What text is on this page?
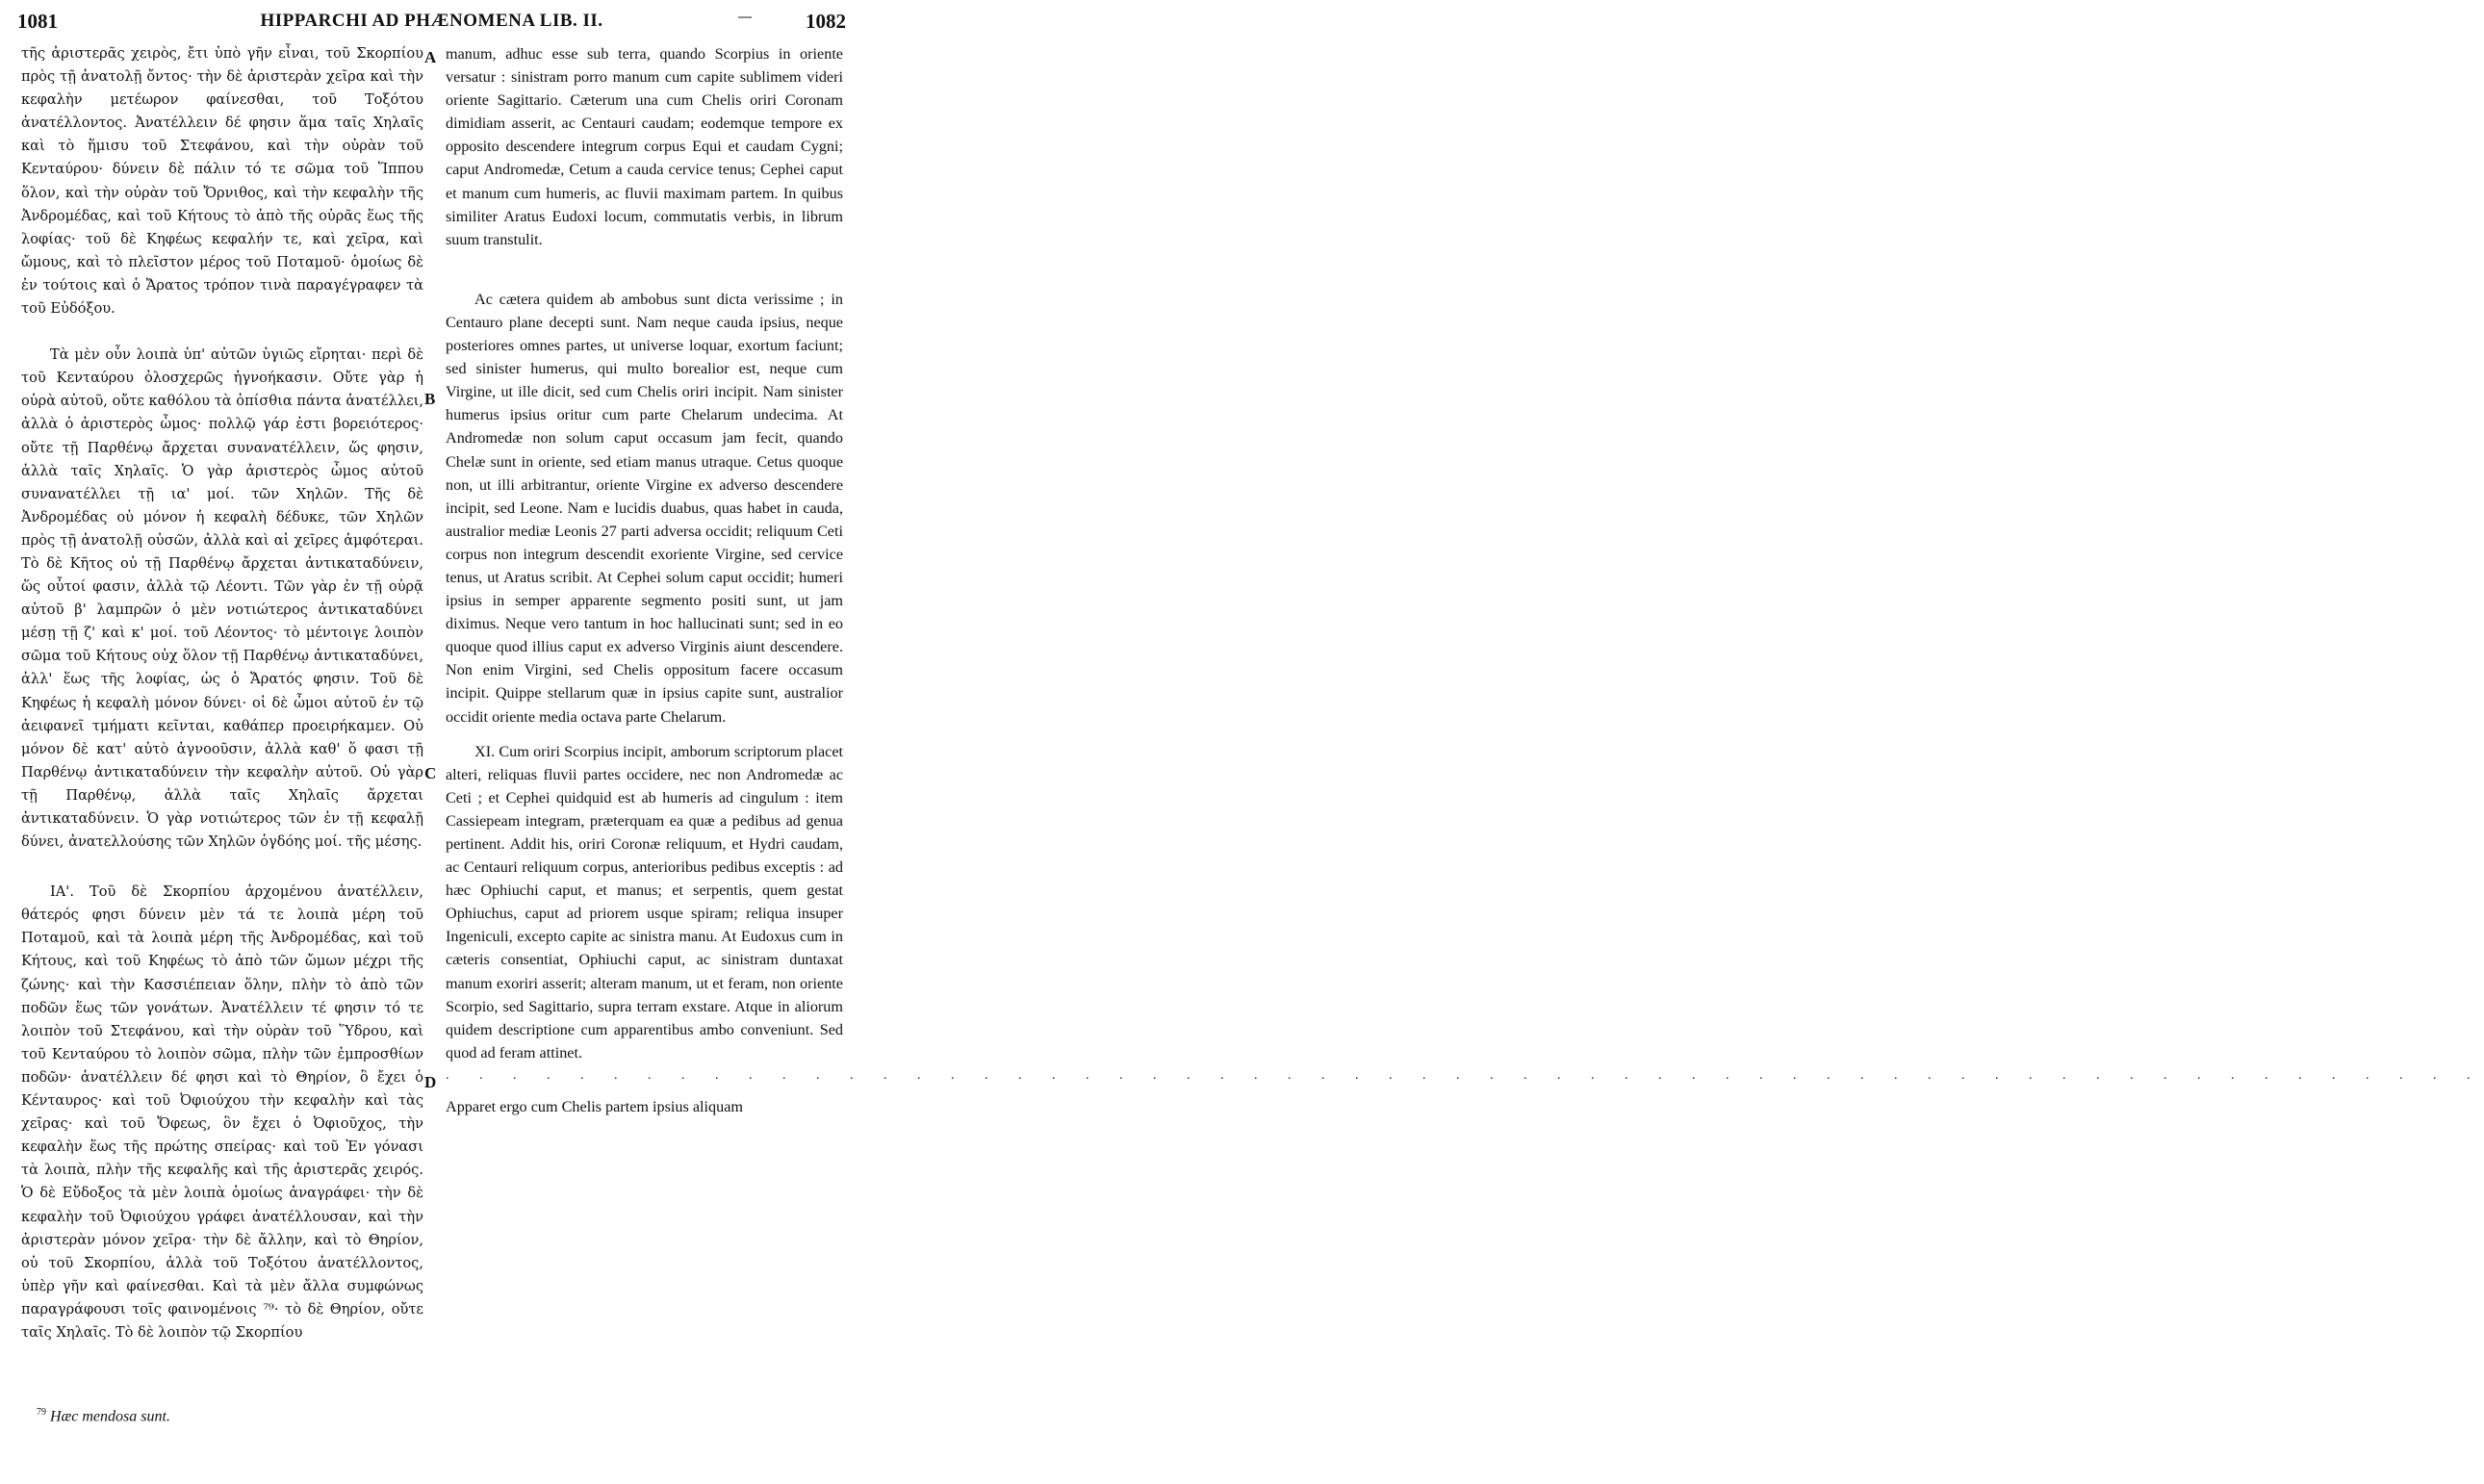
1081	HIPPARCHI AD PHÆNOMENA LIB. II.	—	1082

τῆς ἀριστερᾶς χειρὸς, ἔτι ὑπὸ γῆν εἶναι, τοῦ Σκορπίου πρὸς τῇ ἀνατολῇ ὄντος· τὴν δὲ ἀριστερὰν χεῖρα καὶ τὴν κεφαλὴν μετέωρον φαίνεσθαι, τοῦ Τοξότου ἀνατέλλοντος. Ἀνατέλλειν δέ φησιν ἅμα ταῖς Χηλαῖς καὶ τὸ ἥμισυ τοῦ Στεφάνου, καὶ τὴν οὐρὰν τοῦ Κενταύρου· δύνειν δὲ πάλιν τό τε σῶμα τοῦ Ἵππου ὅλον, καὶ τὴν οὐρὰν τοῦ Ὄρνιθος, καὶ τὴν κεφαλὴν τῆς Ἀνδρομέδας, καὶ τοῦ Κήτους τὸ ἀπὸ τῆς οὐρᾶς ἕως τῆς λοφίας· τοῦ δὲ Κηφέως κεφαλήν τε, καὶ χεῖρα, καὶ ὤμους, καὶ τὸ πλεῖστον μέρος τοῦ Ποταμοῦ· ὁμοίως δὲ ἐν τούτοις καὶ ὁ Ἄρατος τρόπον τινὰ παραγέγραφεν τὰ τοῦ Εὐδόξου.

Τὰ μὲν οὖν λοιπὰ ὑπ' αὐτῶν ὑγιῶς εἴρηται· περὶ δὲ τοῦ Κενταύρου ὁλοσχερῶς ἠγνοήκασιν. Οὔτε γὰρ ἡ οὐρὰ αὐτοῦ, οὔτε καθόλου τὰ ὀπίσθια πάντα ἀνατέλλει, ἀλλὰ ὁ ἀριστερὸς ὦμος· πολλῷ γάρ ἐστι βορειότερος· οὔτε τῇ Παρθένῳ ἄρχεται συνανατέλλειν, ὥς φησιν, ἀλλὰ ταῖς Χηλαῖς. Ὁ γὰρ ἀριστερὸς ὦμος αὐτοῦ συνανατέλλει τῇ ια' μοί. τῶν Χηλῶν. Τῆς δὲ Ἀνδρομέδας οὐ μόνον ἡ κεφαλὴ δέδυκε, τῶν Χηλῶν πρὸς τῇ ἀνατολῇ οὐσῶν, ἀλλὰ καὶ αἱ χεῖρες ἀμφότεραι. Τὸ δὲ Κῆτος οὐ τῇ Παρθένῳ ἄρχεται ἀντικαταδύνειν, ὥς οὗτοί φασιν, ἀλλὰ τῷ Λέοντι. Τῶν γὰρ ἐν τῇ οὐρᾷ αὐτοῦ β' λαμπρῶν ὁ μὲν νοτιώτερος ἀντικαταδύνει μέσῃ τῇ ζ' καὶ κ' μοί. τοῦ Λέοντος· τὸ μέντοιγε λοιπὸν σῶμα τοῦ Κήτους οὐχ ὅλον τῇ Παρθένῳ ἀντικαταδύνει, ἀλλ' ἕως τῆς λοφίας, ὡς ὁ Ἄρατός φησιν. Τοῦ δὲ Κηφέως ἡ κεφαλὴ μόνον δύνει· οἱ δὲ ὦμοι αὐτοῦ ἐν τῷ ἀειφανεῖ τμήματι κεῖνται, καθάπερ προειρήκαμεν. Οὐ μόνον δὲ κατ' αὐτὸ ἀγνοοῦσιν, ἀλλὰ καθ' ὅ φασι τῇ Παρθένῳ ἀντικαταδύνειν τὴν κεφαλὴν αὐτοῦ. Οὐ γὰρ τῇ Παρθένῳ, ἀλλὰ ταῖς Χηλαῖς ἄρχεται ἀντικαταδύνειν. Ὁ γὰρ νοτιώτερος τῶν ἐν τῇ κεφαλῇ δύνει, ἀνατελλούσης τῶν Χηλῶν ὀγδόης μοί. τῆς μέσης.

ΙΑ'. Τοῦ δὲ Σκορπίου ἀρχομένου ἀνατέλλειν, θάτερός φησι δύνειν μὲν τά τε λοιπὰ μέρη τοῦ Ποταμοῦ, καὶ τὰ λοιπὰ μέρη τῆς Ἀνδρομέδας, καὶ τοῦ Κήτους, καὶ τοῦ Κηφέως τὸ ἀπὸ τῶν ὤμων μέχρι τῆς ζώνης· καὶ τὴν Κασσιέπειαν ὅλην, πλὴν τὸ ἀπὸ τῶν ποδῶν ἕως τῶν γονάτων. Ἀνατέλλειν τέ φησιν τό τε λοιπὸν τοῦ Στεφάνου, καὶ τὴν οὐρὰν τοῦ Ὕδρου, καὶ τοῦ Κενταύρου τὸ λοιπὸν σῶμα, πλὴν τῶν ἐμπροσθίων ποδῶν· ἀνατέλλειν δέ φησι καὶ τὸ Θηρίον, ὃ ἔχει ὁ Κένταυρος· καὶ τοῦ Ὀφιούχου τὴν κεφαλὴν καὶ τὰς χεῖρας· καὶ τοῦ Ὄφεως, ὃν ἔχει ὁ Ὀφιοῦχος, τὴν κεφαλὴν ἕως τῆς πρώτης σπείρας· καὶ τοῦ Ἐν γόνασι τὰ λοιπὰ, πλὴν τῆς κεφαλῆς καὶ τῆς ἀριστερᾶς χειρός. Ὁ δὲ Εὔδοξος τὰ μὲν λοιπὰ ὁμοίως ἀναγράφει· τὴν δὲ κεφαλὴν τοῦ Ὀφιούχου γράφει ἀνατέλλουσαν, καὶ τὴν ἀριστερὰν μόνον χεῖρα· τὴν δὲ ἄλλην, καὶ τὸ Θηρίον, οὐ τοῦ Σκορπίου, ἀλλὰ τοῦ Τοξότου ἀνατέλλοντος, ὑπὲρ γῆν καὶ φαίνεσθαι. Καὶ τὰ μὲν ἄλλα συμφώνως παραγράφουσι τοῖς φαινομένοις ⁷⁹· τὸ δὲ Θηρίον, οὔτε ταῖς Χηλαῖς. Τὸ δὲ λοιπὸν τῷ Σκορπίου

A
B
C
D

manum, adhuc esse sub terra, quando Scorpius in oriente versatur : sinistram porro manum cum capite sublimem videri oriente Sagittario. Cæterum una cum Chelis oriri Coronam dimidiam asserit, ac Centauri caudam; eodemque tempore ex opposito descendere integrum corpus Equi et caudam Cygni; caput Andromedæ, Cetum a cauda cervice tenus; Cephei caput et manum cum humeris, ac fluvii maximam partem. In quibus similiter Aratus Eudoxi locum, commutatis verbis, in librum suum transtulit.

Ac cætera quidem ab ambobus sunt dicta verissime ; in Centauro plane decepti sunt. Nam neque cauda ipsius, neque posteriores omnes partes, ut universe loquar, exortum faciunt; sed sinister humerus, qui multo borealior est, neque cum Virgine, ut ille dicit, sed cum Chelis oriri incipit. Nam sinister humerus ipsius oritur cum parte Chelarum undecima. At Andromedæ non solum caput occasum jam fecit, quando Chelæ sunt in oriente, sed etiam manus utraque. Cetus quoque non, ut illi arbitrantur, oriente Virgine ex adverso descendere incipit, sed Leone. Nam e lucidis duabus, quas habet in cauda, australior mediæ Leonis 27 parti adversa occidit; reliquum Ceti corpus non integrum descendit exoriente Virgine, sed cervice tenus, ut Aratus scribit. At Cephei solum caput occidit; humeri ipsius in semper apparente segmento positi sunt, ut jam diximus. Neque vero tantum in hoc hallucinati sunt; sed in eo quoque quod illius caput ex adverso Virginis aiunt descendere. Non enim Virgini, sed Chelis oppositum facere occasum incipit. Quippe stellarum quæ in ipsius capite sunt, australior occidit oriente media octava parte Chelarum.

XI. Cum oriri Scorpius incipit, amborum scriptorum placet alteri, reliquas fluvii partes occidere, nec non Andromedæ ac Ceti ; et Cephei quidquid est ab humeris ad cingulum : item Cassiepeam integram, præterquam ea quæ a pedibus ad genua pertinent. Addit his, oriri Coronæ reliquum, et Hydri caudam, ac Centauri reliquum corpus, anterioribus pedibus exceptis : ad hæc Ophiuchi caput, et manus; et serpentis, quem gestat Ophiuchus, caput ad priorem usque spiram; reliqua insuper Ingeniculi, excepto capite ac sinistra manu. At Eudoxus cum in cæteris consentiat, Ophiuchi caput, ac sinistram duntaxat manum exoriri asserit; alteram manum, ut et feram, non oriente Scorpio, sed Sagittario, supra terram exstare. Atque in aliorum quidem descriptione cum apparentibus ambo conveniunt. Sed quod ad feram attinet.

. . . . . . . . . . . . . . . . . . . . . . . . . . . . . . . . . . . . . . . . . . . . . . . . . . . . . . . . . . . . .

Apparet ergo cum Chelis partem ipsius aliquam

$^{79}$ Hæc mendosa sunt.
